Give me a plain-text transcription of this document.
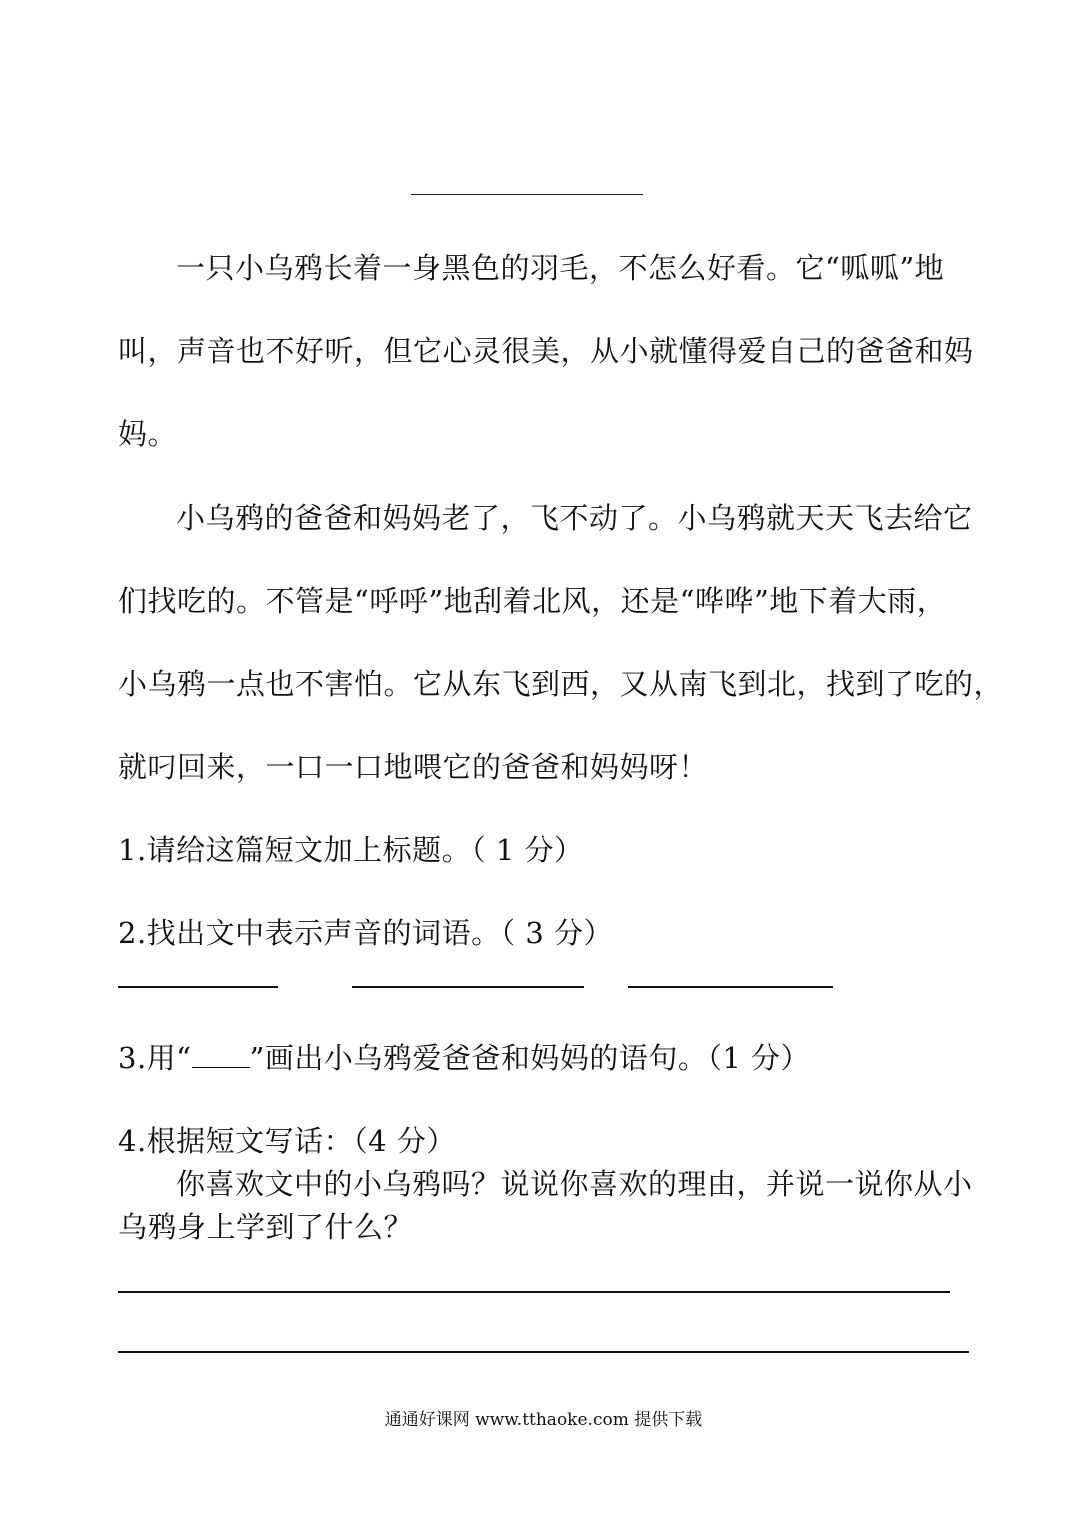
一只小乌鸦长着一身黑色的羽毛，不怎么好看。它“呱呱”地
叫，声音也不好听，但它心灵很美，从小就懂得爱自己的爸爸和妈
妈。
小乌鸦的爸爸和妈妈老了，飞不动了。小乌鸦就天天飞去给它
们找吃的。不管是“呼呼”地刮着北风，还是“哗哗”地下着大雨，
小乌鸦一点也不害怕。它从东飞到西，又从南飞到北，找到了吃的，
就叼回来，一口一口地喂它的爸爸和妈妈呀！
1.请给这篇短文加上标题。（ 1 分）
2.找出文中表示声音的词语。（ 3 分）
3.用“ ”画出小乌鸦爱爸爸和妈妈的语句。（1 分）
4.根据短文写话：（4 分）
你喜欢文中的小乌鸦吗？说说你喜欢的理由，并说一说你从小
乌鸦身上学到了什么？
通通好课网 www.tthaoke.com 提供下载
